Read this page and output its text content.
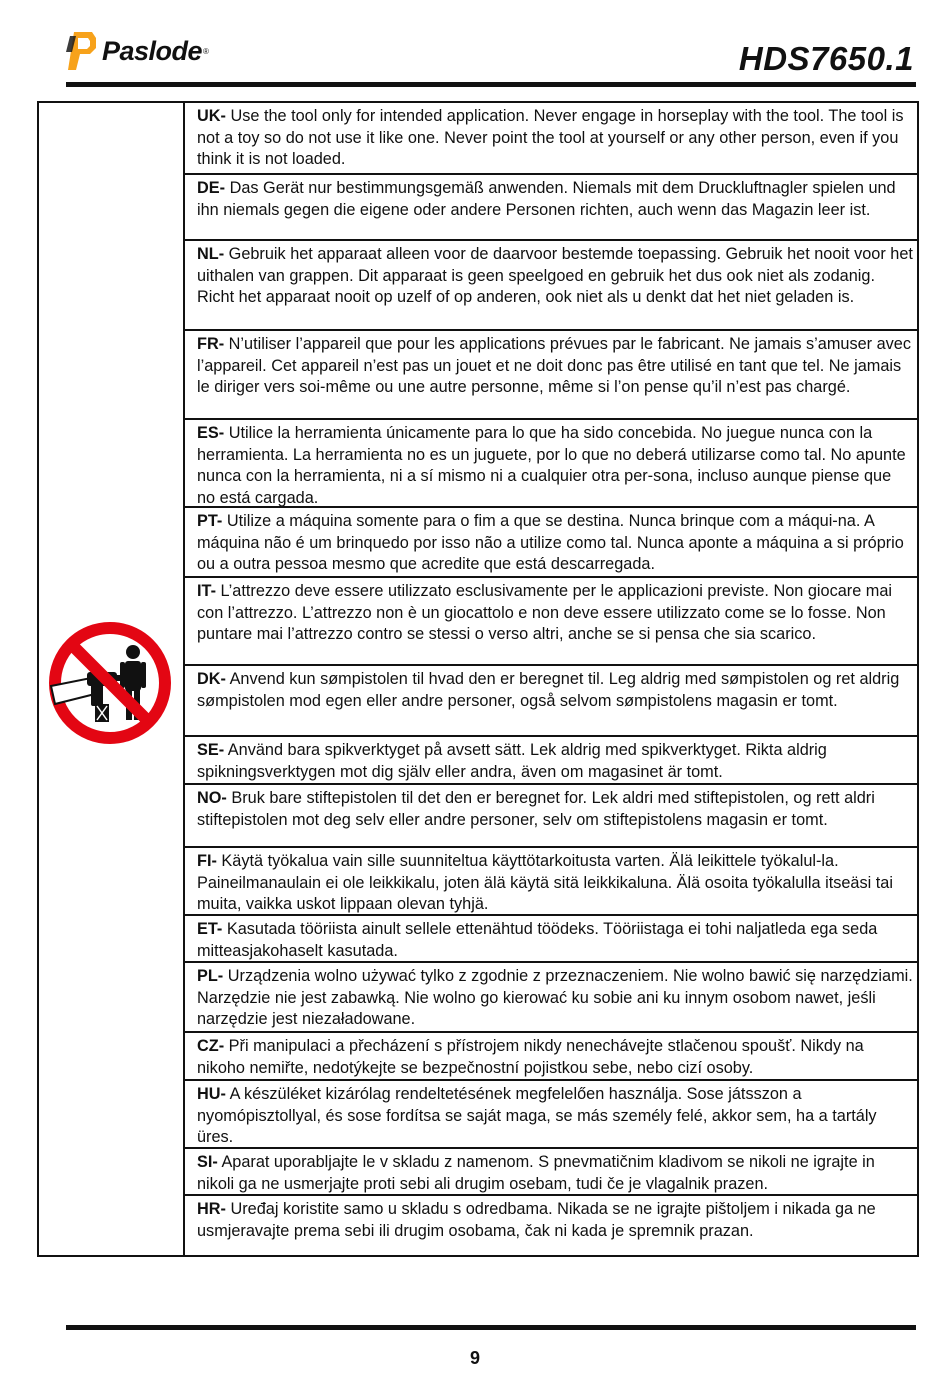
Paslode ®	HDS7650.1
UK- Use the tool only for intended application. Never engage in horseplay with the tool. The tool is not a toy so do not use it like one. Never point the tool at yourself or any other person, even if you think it is not loaded.
DE- Das Gerät nur bestimmungsgemäß anwenden. Niemals mit dem Druckluftnagler spielen und ihn niemals gegen die eigene oder andere Personen richten, auch wenn das Magazin leer ist.
NL- Gebruik het apparaat alleen voor de daarvoor bestemde toepassing. Gebruik het nooit voor het uithalen van grappen. Dit apparaat is geen speelgoed en gebruik het dus ook niet als zodanig. Richt het apparaat nooit op uzelf of op anderen, ook niet als u denkt dat het niet geladen is.
FR- N’utiliser l’appareil que pour les applications prévues par le fabricant. Ne jamais s’amuser avec l’appareil. Cet appareil n’est pas un jouet et ne doit donc pas être utilisé en tant que tel. Ne jamais le diriger vers soi-même ou une autre personne, même si l’on pense qu’il n’est pas chargé.
ES- Utilice la herramienta únicamente para lo que ha sido concebida. No juegue nunca con la herramienta. La herramienta no es un juguete, por lo que no deberá utilizarse como tal. No apunte nunca con la herramienta, ni a sí mismo ni a cualquier otra per-sona, incluso aunque piense que no está cargada.
PT- Utilize a máquina somente para o fim a que se destina. Nunca brinque com a máqui-na. A máquina não é um brinquedo por isso não a utilize como tal. Nunca aponte a máquina a si próprio ou a outra pessoa mesmo que acredite que está descarregada.
IT- L’attrezzo deve essere utilizzato esclusivamente per le applicazioni previste. Non giocare mai con l’attrezzo. L’attrezzo non è un giocattolo e non deve essere utilizzato come se lo fosse. Non puntare mai l’attrezzo contro se stessi o verso altri, anche se si pensa che sia scarico.
DK- Anvend kun sømpistolen til hvad den er beregnet til. Leg aldrig med sømpistolen og ret aldrig sømpistolen mod egen eller andre personer, også selvom sømpistolens magasin er tomt.
SE- Använd bara spikverktyget på avsett sätt. Lek aldrig med spikverktyget. Rikta aldrig spikningsverktygen mot dig själv eller andra, även om magasinet är tomt.
NO- Bruk bare stiftepistolen til det den er beregnet for. Lek aldri med stiftepistolen, og rett aldri stiftepistolen mot deg selv eller andre personer, selv om stiftepistolens magasin er tomt.
FI- Käytä työkalua vain sille suunniteltua käyttötarkoitusta varten. Älä leikittele työkalul-la. Paineilmanaulain ei ole leikkikalu, joten älä käytä sitä leikkikaluna. Älä osoita työkalulla itseäsi tai muita, vaikka uskot lippaan olevan tyhjä.
ET- Kasutada tööriista ainult sellele ettenähtud töödeks. Tööriistaga ei tohi naljatleda ega seda mitteasjakohaselt kasutada.
PL- Urządzenia wolno używać tylko z zgodnie z przeznaczeniem. Nie wolno bawić się narzędziami. Narzędzie nie jest zabawką. Nie wolno go kierować ku sobie ani ku innym osobom nawet, jeśli narzędzie jest niezaładowane.
CZ- Při manipulaci a přecházení s přístrojem nikdy nenechávejte stlačenou spoušť. Nikdy na nikoho nemiřte, nedotýkejte se bezpečnostní pojistkou sebe, nebo cizí osoby.
HU- A készüléket kizárólag rendeltetésének megfelelően használja. Sose játsszon a nyomópisztollyal, és sose fordítsa se saját maga, se más személy felé, akkor sem, ha a tartály üres.
SI- Aparat uporabljajte le v skladu z namenom. S pnevmatičnim kladivom se nikoli ne igrajte in nikoli ga ne usmerjajte proti sebi ali drugim osebam, tudi če je vlagalnik prazen.
HR- Uređaj koristite samo u skladu s odredbama. Nikada se ne igrajte pištoljem i nikada ga ne usmjeravajte prema sebi ili drugim osobama, čak ni kada je spremnik prazan.
9
